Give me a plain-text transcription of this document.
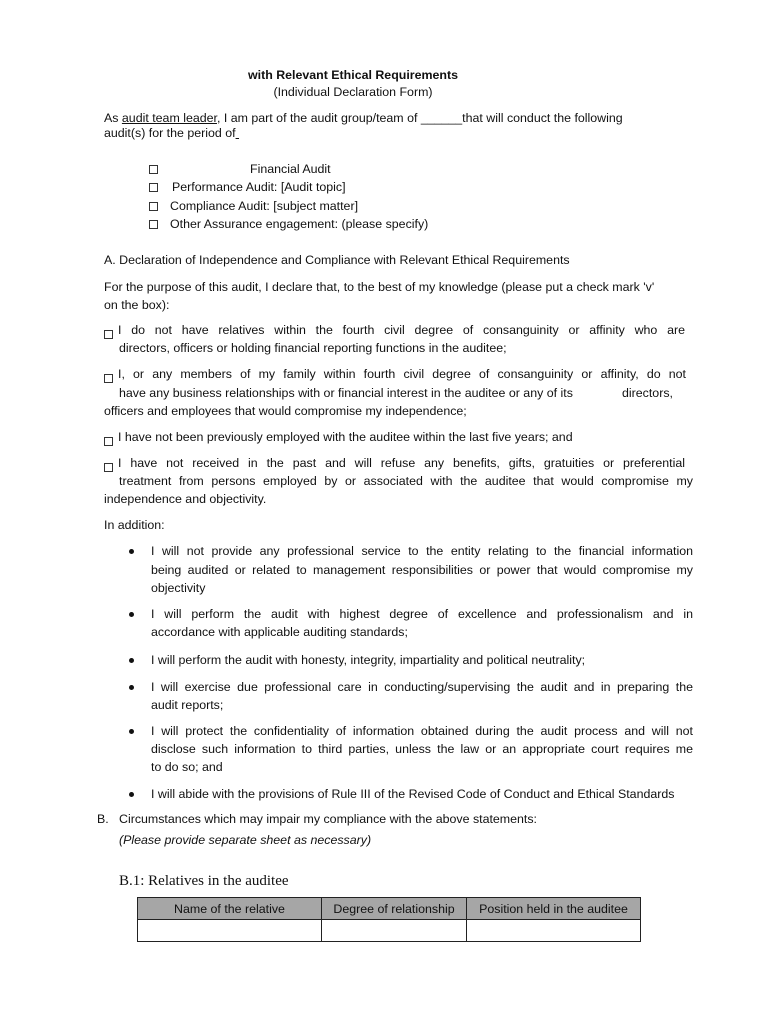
with Relevant Ethical Requirements
(Individual Declaration Form)
As audit team leader, I am part of the audit group/team of ______that will conduct the following
audit(s) for the period of
Financial Audit
Performance Audit: [Audit topic]
Compliance Audit: [subject matter]
Other Assurance engagement: (please specify)
A. Declaration of Independence and Compliance with Relevant Ethical Requirements
For the purpose of this audit, I declare that, to the best of my knowledge (please put a check mark 'v'
on the box):
I do not have relatives within the fourth civil degree of consanguinity or affinity who are
directors, officers or holding financial reporting functions in the auditee;
I, or any members of my family within fourth civil degree of consanguinity or affinity, do not
have any business relationships with or financial interest in the auditee or any of its	directors,
officers and employees that would compromise my independence;
I have not been previously employed with the auditee within the last five years; and
I have not received in the past and will refuse any benefits, gifts, gratuities or preferential
treatment from persons employed by or associated with the auditee that would compromise my
independence and objectivity.
In addition:
I will not provide any professional service to the entity relating to the financial information
being audited or related to management responsibilities or power that would compromise my
objectivity
I will perform the audit with highest degree of excellence and professionalism and in
accordance with applicable auditing standards;
I will perform the audit with honesty, integrity, impartiality and political neutrality;
I will exercise due professional care in conducting/supervising the audit and in preparing the
audit reports;
I will protect the confidentiality of information obtained during the audit process and will not
disclose such information to third parties, unless the law or an appropriate court requires me
to do so; and
I will abide with the provisions of Rule III of the Revised Code of Conduct and Ethical Standards
B. Circumstances which may impair my compliance with the above statements:
(Please provide separate sheet as necessary)
B.1: Relatives in the auditee
Name of the relative	Degree of relationship	Position held in the auditee
